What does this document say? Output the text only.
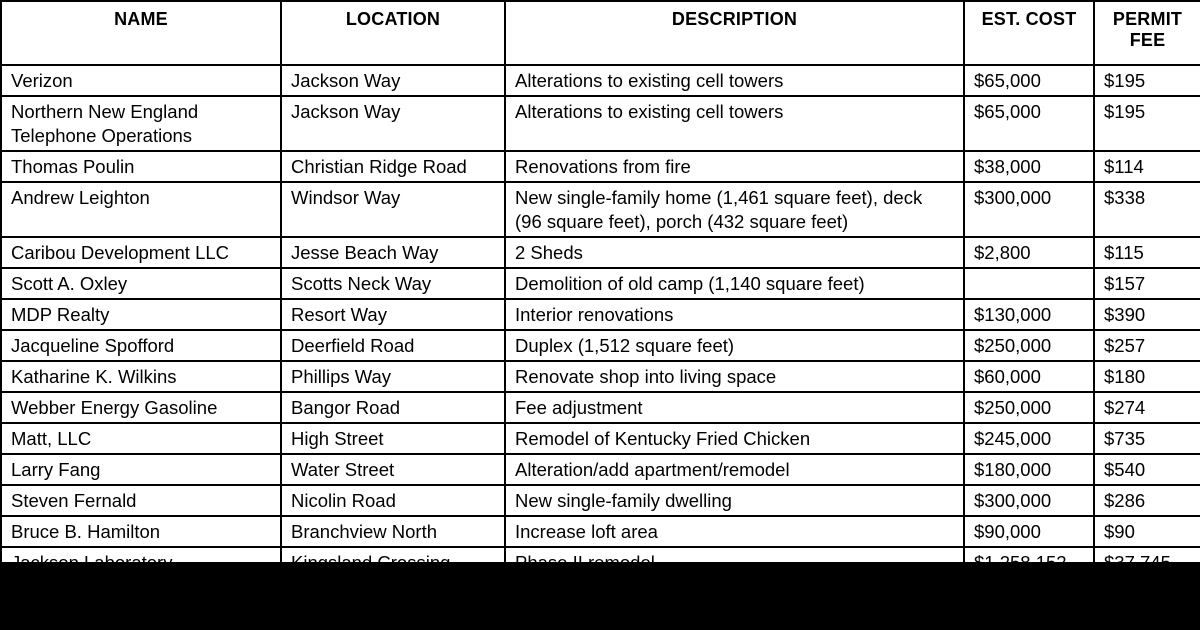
NAME	LOCATION	DESCRIPTION	EST. COST	PERMIT
FEE
Verizon	Jackson Way	Alterations to existing cell towers	$65,000	$195
Northern New England Telephone Operations	Jackson Way	Alterations to existing cell towers	$65,000	$195
Thomas Poulin	Christian Ridge Road	Renovations from fire	$38,000	$114
Andrew Leighton	Windsor Way	New single-family home (1,461 square feet), deck (96 square feet), porch (432 square feet)	$300,000	$338
Caribou Development LLC	Jesse Beach Way	2 Sheds	$2,800	$115
Scott A. Oxley	Scotts Neck Way	Demolition of old camp (1,140 square feet)		$157
MDP Realty	Resort Way	Interior renovations	$130,000	$390
Jacqueline Spofford	Deerfield Road	Duplex (1,512 square feet)	$250,000	$257
Katharine K. Wilkins	Phillips Way	Renovate shop into living space	$60,000	$180
Webber Energy Gasoline	Bangor Road	Fee adjustment	$250,000	$274
Matt, LLC	High Street	Remodel of Kentucky Fried Chicken	$245,000	$735
Larry Fang	Water Street	Alteration/add apartment/remodel	$180,000	$540
Steven Fernald	Nicolin Road	New single-family dwelling	$300,000	$286
Bruce B. Hamilton	Branchview North	Increase loft area	$90,000	$90
